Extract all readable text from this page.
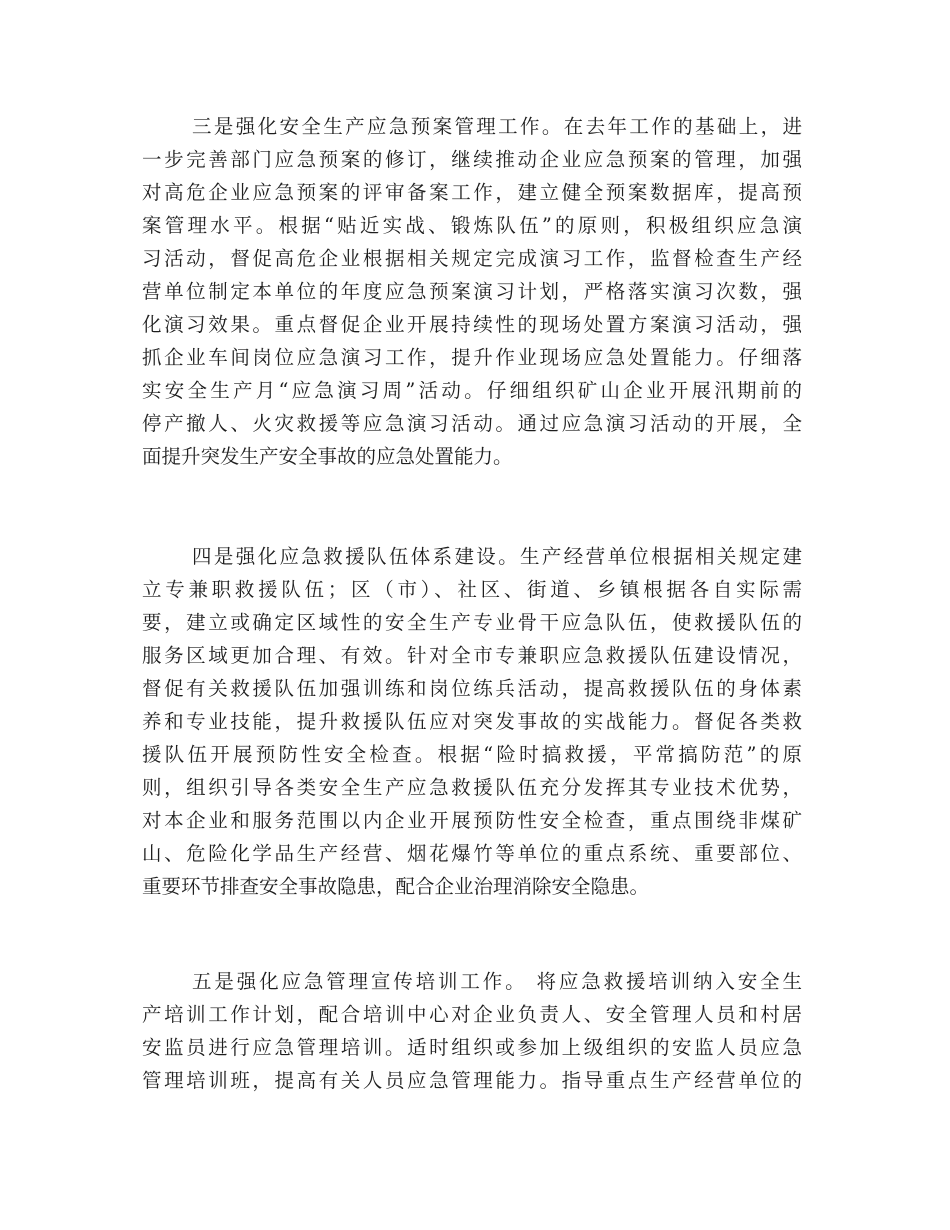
三是强化安全生产应急预案管理工作。在去年工作的基础上，进
一步完善部门应急预案的修订，继续推动企业应急预案的管理，加强
对高危企业应急预案的评审备案工作，建立健全预案数据库，提高预
案管理水平。根据“贴近实战、锻炼队伍”的原则，积极组织应急演
习活动，督促高危企业根据相关规定完成演习工作，监督检查生产经
营单位制定本单位的年度应急预案演习计划，严格落实演习次数，强
化演习效果。重点督促企业开展持续性的现场处置方案演习活动，强
抓企业车间岗位应急演习工作，提升作业现场应急处置能力。仔细落
实安全生产月“应急演习周”活动。仔细组织矿山企业开展汛期前的
停产撤人、火灾救援等应急演习活动。通过应急演习活动的开展，全
面提升突发生产安全事故的应急处置能力。
四是强化应急救援队伍体系建设。生产经营单位根据相关规定建
立专兼职救援队伍；区（市）、社区、街道、乡镇根据各自实际需
要，建立或确定区域性的安全生产专业骨干应急队伍，使救援队伍的
服务区域更加合理、有效。针对全市专兼职应急救援队伍建设情况，
督促有关救援队伍加强训练和岗位练兵活动，提高救援队伍的身体素
养和专业技能，提升救援队伍应对突发事故的实战能力。督促各类救
援队伍开展预防性安全检查。根据“险时搞救援，平常搞防范”的原
则，组织引导各类安全生产应急救援队伍充分发挥其专业技术优势，
对本企业和服务范围以内企业开展预防性安全检查，重点围绕非煤矿
山、危险化学品生产经营、烟花爆竹等单位的重点系统、重要部位、
重要环节排查安全事故隐患，配合企业治理消除安全隐患。
五是强化应急管理宣传培训工作。 将应急救援培训纳入安全生
产培训工作计划，配合培训中心对企业负责人、安全管理人员和村居
安监员进行应急管理培训。适时组织或参加上级组织的安监人员应急
管理培训班，提高有关人员应急管理能力。指导重点生产经营单位的
